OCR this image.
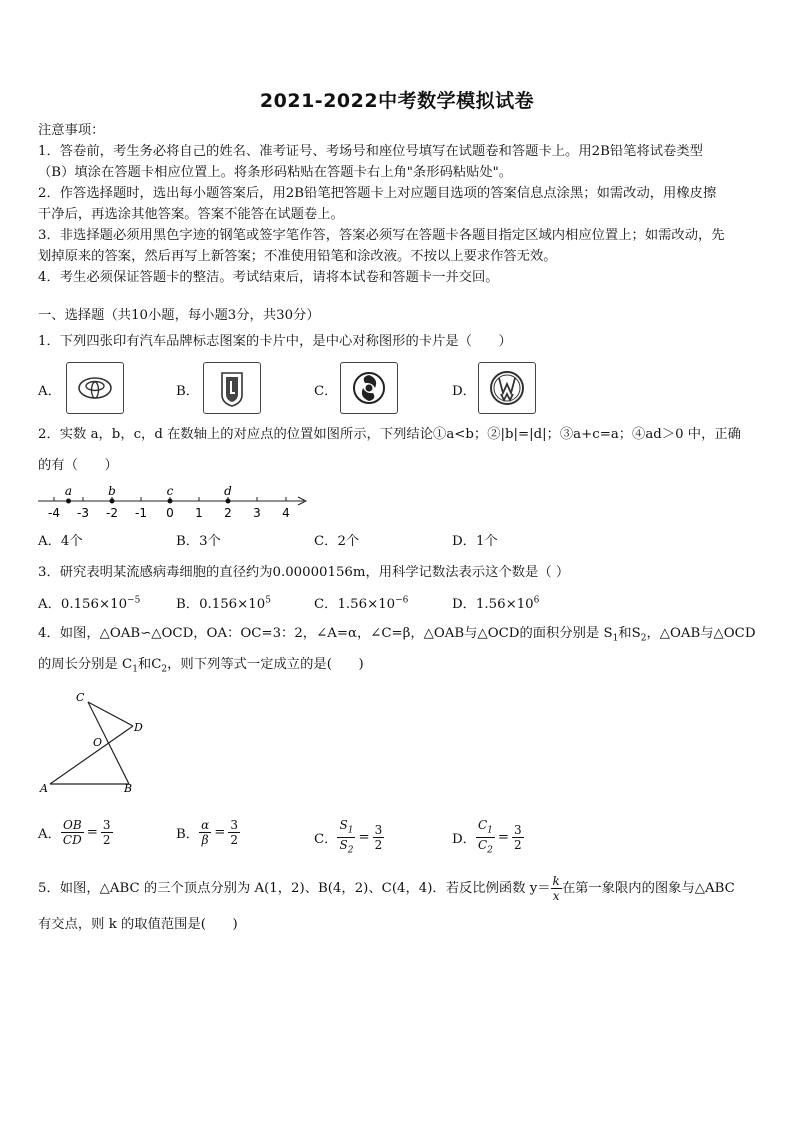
2021-2022中考数学模拟试卷

注意事项：

1．答卷前，考生务必将自己的姓名、准考证号、考场号和座位号填写在试题卷和答题卡上。用2B铅笔将试卷类型

（B）填涂在答题卡相应位置上。将条形码粘贴在答题卡右上角"条形码粘贴处"。

2．作答选择题时，选出每小题答案后，用2B铅笔把答题卡上对应题目选项的答案信息点涂黑；如需改动，用橡皮擦

干净后，再选涂其他答案。答案不能答在试题卷上。

3．非选择题必须用黑色字迹的钢笔或签字笔作答，答案必须写在答题卡各题目指定区域内相应位置上；如需改动，先

划掉原来的答案，然后再写上新答案；不准使用铅笔和涂改液。不按以上要求作答无效。

4．考生必须保证答题卡的整洁。考试结束后，请将本试卷和答题卡一并交回。

一、选择题（共10小题，每小题3分，共30分）
1．下列四张印有汽车品牌标志图案的卡片中，是中心对称图形的卡片是（　　）
A．	B．	C．	D．
2．实数 a，b，c，d 在数轴上的对应点的位置如图所示，下列结论①a<b；②|b|=|d|；③a+c=a；④ad＞0 中，正确
的有（　　）
-4 -3 -2 -1 0 1 2 3 4
a	b	c	d
A．4个	B．3个	C．2个	D．1个
3．研究表明某流感病毒细胞的直径约为0.00000156m，用科学记数法表示这个数是（ ）
A．$0.156\times 10^{-5}$	B．$0.156\times 10^5$	C．$1.56\times 10^{-6}$	D．$1.56\times 10^6$
4．如图，△OAB∽△OCD，OA：OC=3：2，∠A=α，∠C=β，△OAB与△OCD的面积分别是 $S_1$和$S_2$，△OAB与△OCD
的周长分别是 $C_1$和$C_2$，则下列等式一定成立的是(　　)
C
D
O
A	B
A． $\frac{OB}{CD} = \frac{3}{2}$	B． $\frac{\alpha}{\beta} = \frac{3}{2}$	C． $\frac{S_1}{S_2} = \frac{3}{2}$	D． $\frac{C_1}{C_2} = \frac{3}{2}$
5．如图，△ABC 的三个顶点分别为 A(1，2)、B(4，2)、C(4，4)．若反比例函数 $y= \frac{k}{x}$ 在第一象限内的图象与△ABC
有交点，则 k 的取值范围是(　　)
